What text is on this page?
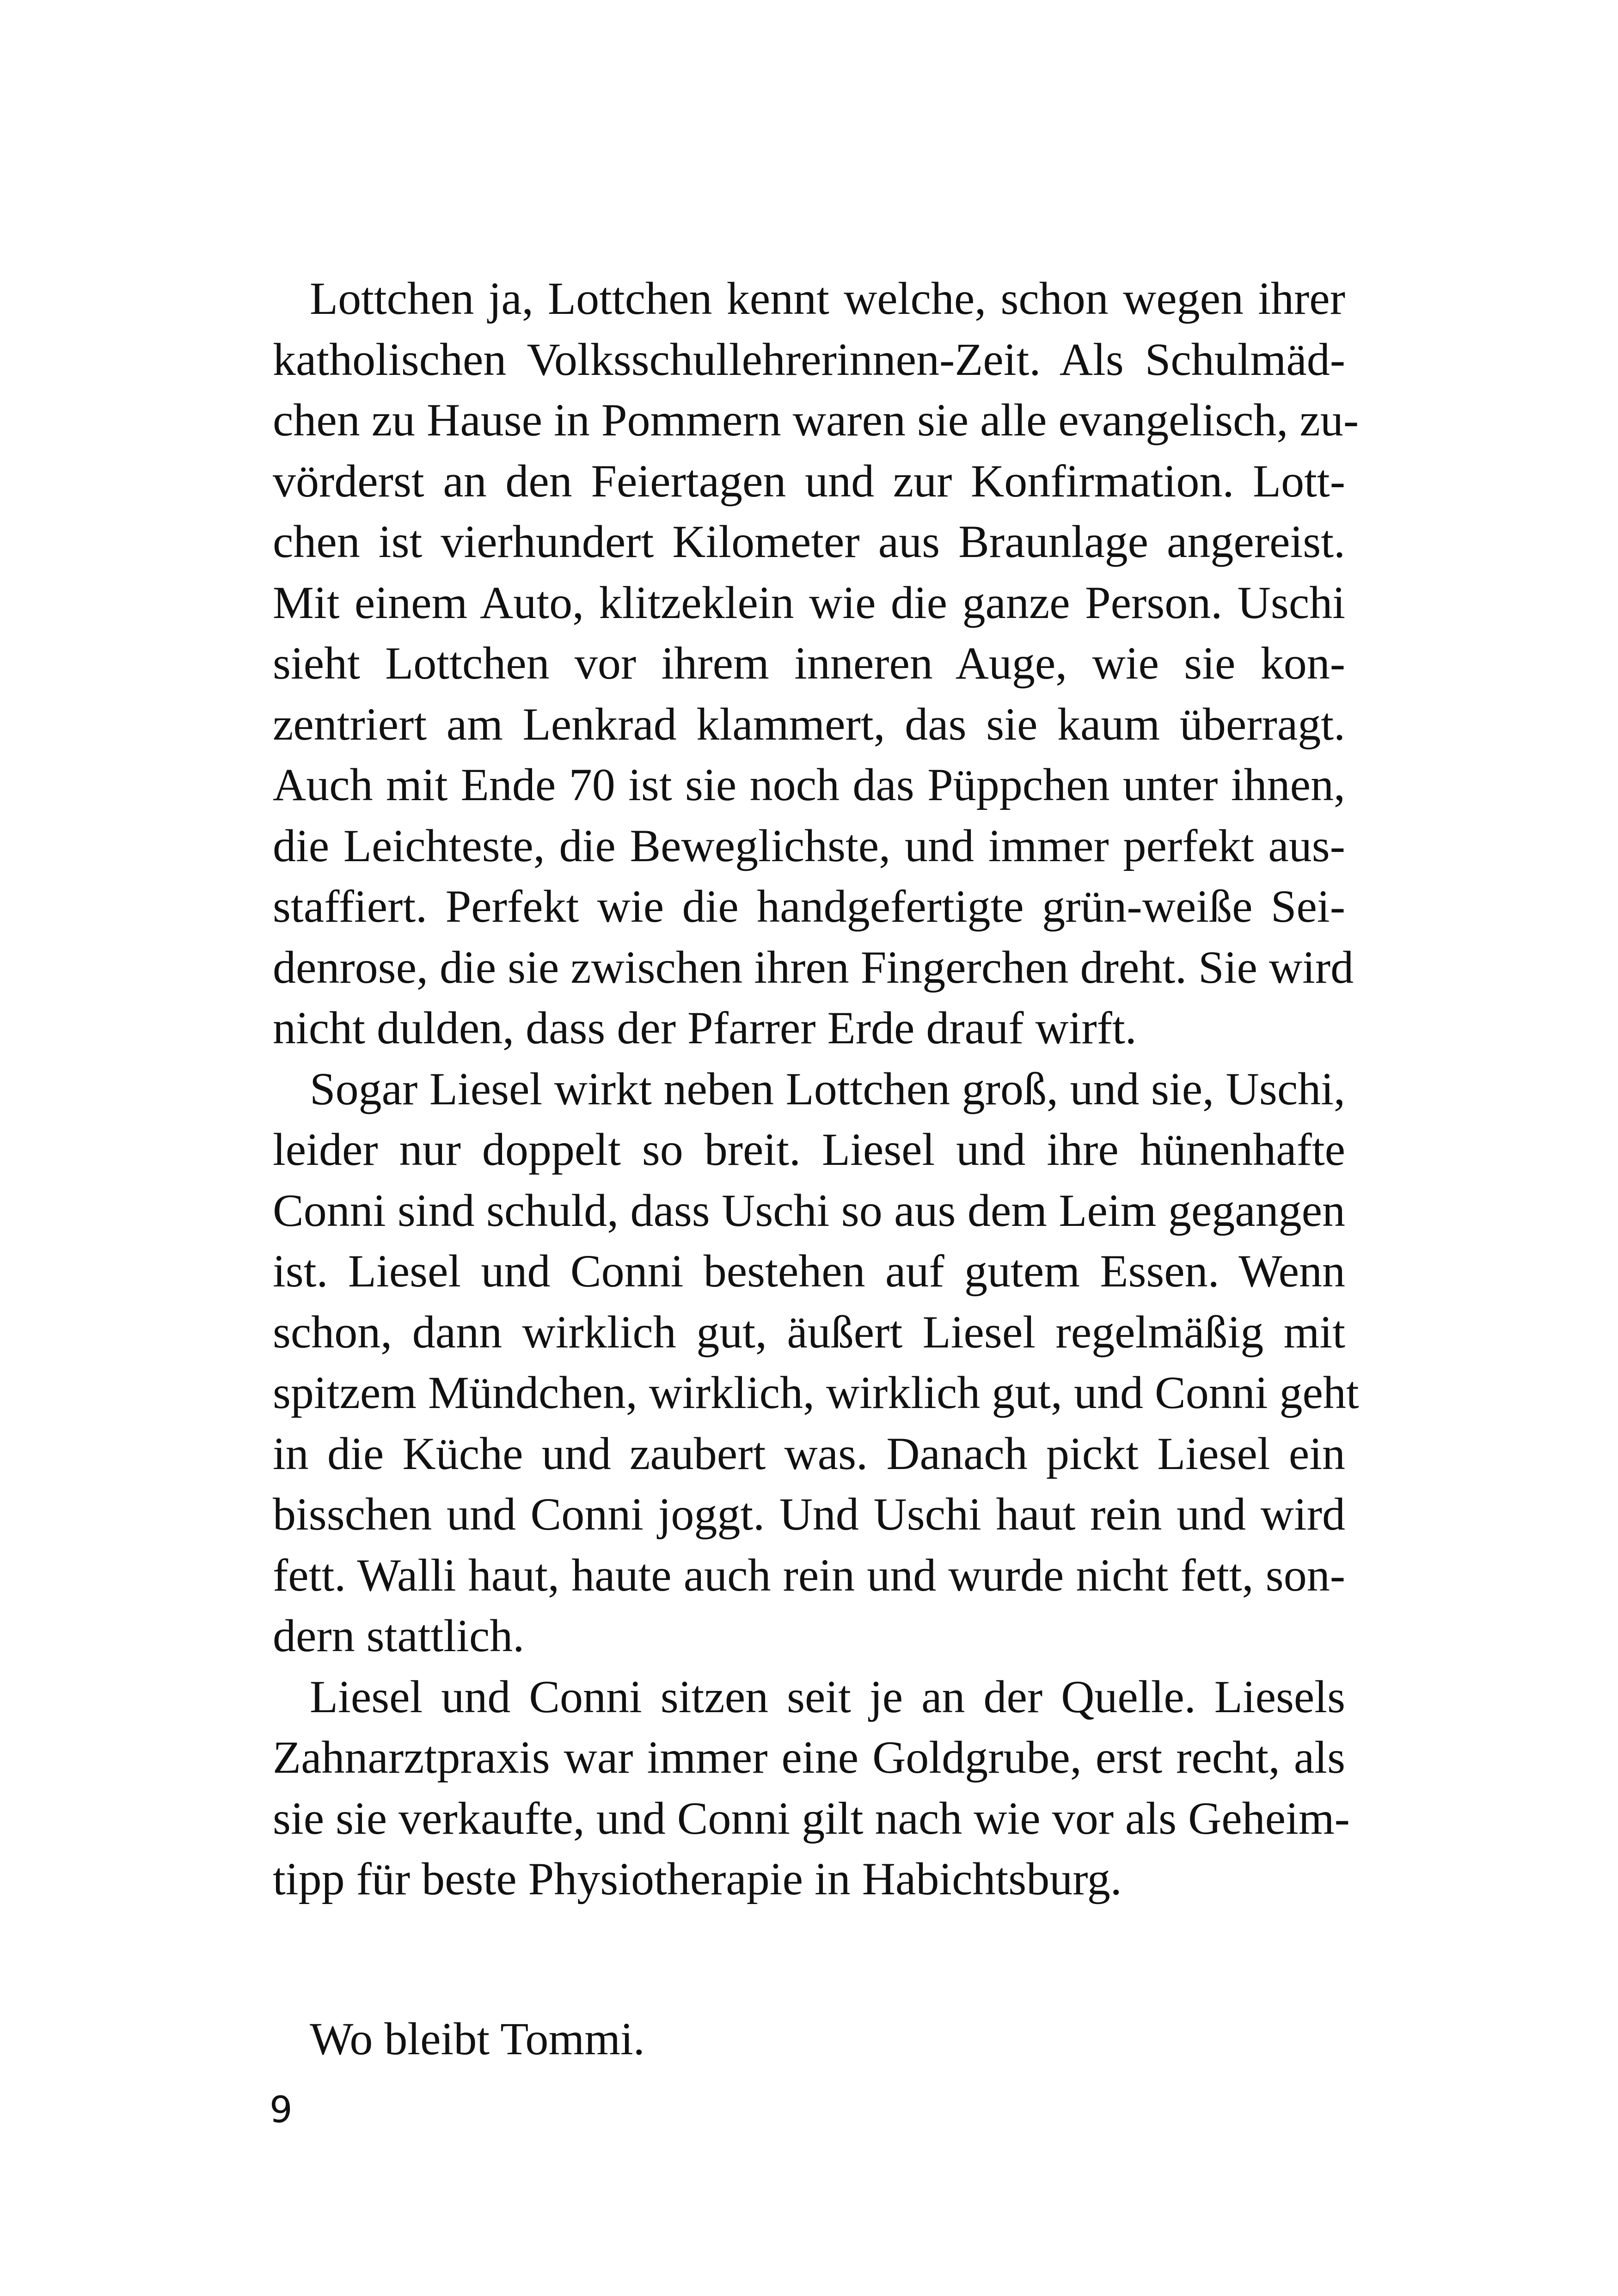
Lottchen ja, Lottchen kennt welche, schon wegen ihrer
katholischen Volksschullehrerinnen-Zeit. Als Schulmäd-
chen zu Hause in Pommern waren sie alle evangelisch, zu-
vörderst an den Feiertagen und zur Konfirmation. Lott-
chen ist vierhundert Kilometer aus Braunlage angereist.
Mit einem Auto, klitzeklein wie die ganze Person. Uschi
sieht Lottchen vor ihrem inneren Auge, wie sie kon-
zentriert am Lenkrad klammert, das sie kaum überragt.
Auch mit Ende 70 ist sie noch das Püppchen unter ihnen,
die Leichteste, die Beweglichste, und immer perfekt aus-
staffiert. Perfekt wie die handgefertigte grün-weiße Sei-
denrose, die sie zwischen ihren Fingerchen dreht. Sie wird
nicht dulden, dass der Pfarrer Erde drauf wirft.
Sogar Liesel wirkt neben Lottchen groß, und sie, Uschi,
leider nur doppelt so breit. Liesel und ihre hünenhafte
Conni sind schuld, dass Uschi so aus dem Leim gegangen
ist. Liesel und Conni bestehen auf gutem Essen. Wenn
schon, dann wirklich gut, äußert Liesel regelmäßig mit
spitzem Mündchen, wirklich, wirklich gut, und Conni geht
in die Küche und zaubert was. Danach pickt Liesel ein
bisschen und Conni joggt. Und Uschi haut rein und wird
fett. Walli haut, haute auch rein und wurde nicht fett, son-
dern stattlich.
Liesel und Conni sitzen seit je an der Quelle. Liesels
Zahnarztpraxis war immer eine Goldgrube, erst recht, als
sie sie verkaufte, und Conni gilt nach wie vor als Geheim-
tipp für beste Physiotherapie in Habichtsburg.
Wo bleibt Tommi.
9
